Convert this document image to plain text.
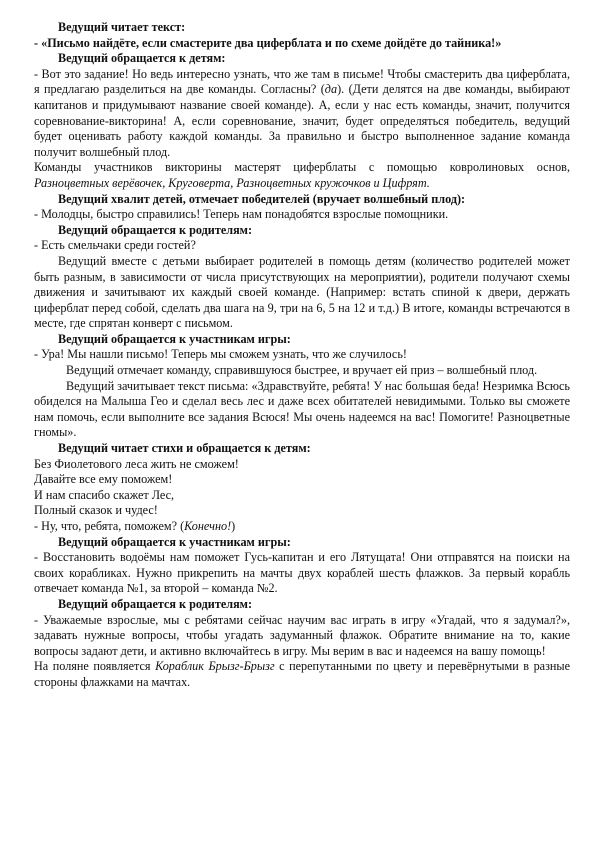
Ведущий читает текст:

- «Письмо найдёте, если смастерите два циферблата и по схеме дойдёте до тайника!»

Ведущий обращается к детям:

- Вот это задание! Но ведь интересно узнать, что же там в письме! Чтобы смастерить два циферблата, я предлагаю разделиться на две команды. Согласны? (да). (Дети делятся на две команды, выбирают капитанов и придумывают название своей команде). А, если у нас есть команды, значит, получится соревнование-викторина! А, если соревнование, значит, будет определяться победитель, ведущий будет оценивать работу каждой команды. За правильно и быстро выполненное задание команда получит волшебный плод.

Команды участников викторины мастерят циферблаты с помощью ковролиновых основ, Разноцветных верёвочек, Круговерта, Разноцветных кружочков и Цифрят.

Ведущий хвалит детей, отмечает победителей (вручает волшебный плод):

- Молодцы, быстро справились! Теперь нам понадобятся взрослые помощники.

Ведущий обращается к родителям:

- Есть смельчаки среди гостей?

Ведущий вместе с детьми выбирает родителей в помощь детям (количество родителей может быть разным, в зависимости от числа присутствующих на мероприятии), родители получают схемы движения и зачитывают их каждый своей команде. (Например: встать спиной к двери, держать циферблат перед собой, сделать два шага на 9, три на 6, 5 на 12 и т.д.) В итоге, команды встречаются в месте, где спрятан конверт с письмом.

Ведущий обращается к участникам игры:

- Ура! Мы нашли письмо! Теперь мы сможем узнать, что же случилось!

Ведущий отмечает команду, справившуюся быстрее, и вручает ей приз – волшебный плод.

Ведущий зачитывает текст письма: «Здравствуйте, ребята! У нас большая беда! Незримка Всюсь обиделся на Малыша Гео и сделал весь лес и даже всех обитателей невидимыми. Только вы сможете нам помочь, если выполните все задания Всюся! Мы очень надеемся на вас! Помогите! Разноцветные гномы».

Ведущий читает стихи и обращается к детям:

Без Фиолетового леса жить не сможем!

Давайте все ему поможем!

И нам спасибо скажет Лес,

Полный сказок и чудес!

- Ну, что, ребята, поможем? (Конечно!)

Ведущий обращается к участникам игры:

- Восстановить водоёмы нам поможет Гусь-капитан и его Лятущата! Они отправятся на поиски на своих корабликах. Нужно прикрепить на мачты двух кораблей шесть флажков. За первый корабль отвечает команда №1, за второй – команда №2.

Ведущий обращается к родителям:

- Уважаемые взрослые, мы с ребятами сейчас научим вас играть в игру «Угадай, что я задумал?», задавать нужные вопросы, чтобы угадать задуманный флажок. Обратите внимание на то, какие вопросы задают дети, и активно включайтесь в игру. Мы верим в вас и надеемся на вашу помощь!

На поляне появляется Кораблик Брызг-Брызг с перепутанными по цвету и перевёрнутыми в разные стороны флажками на мачтах.
